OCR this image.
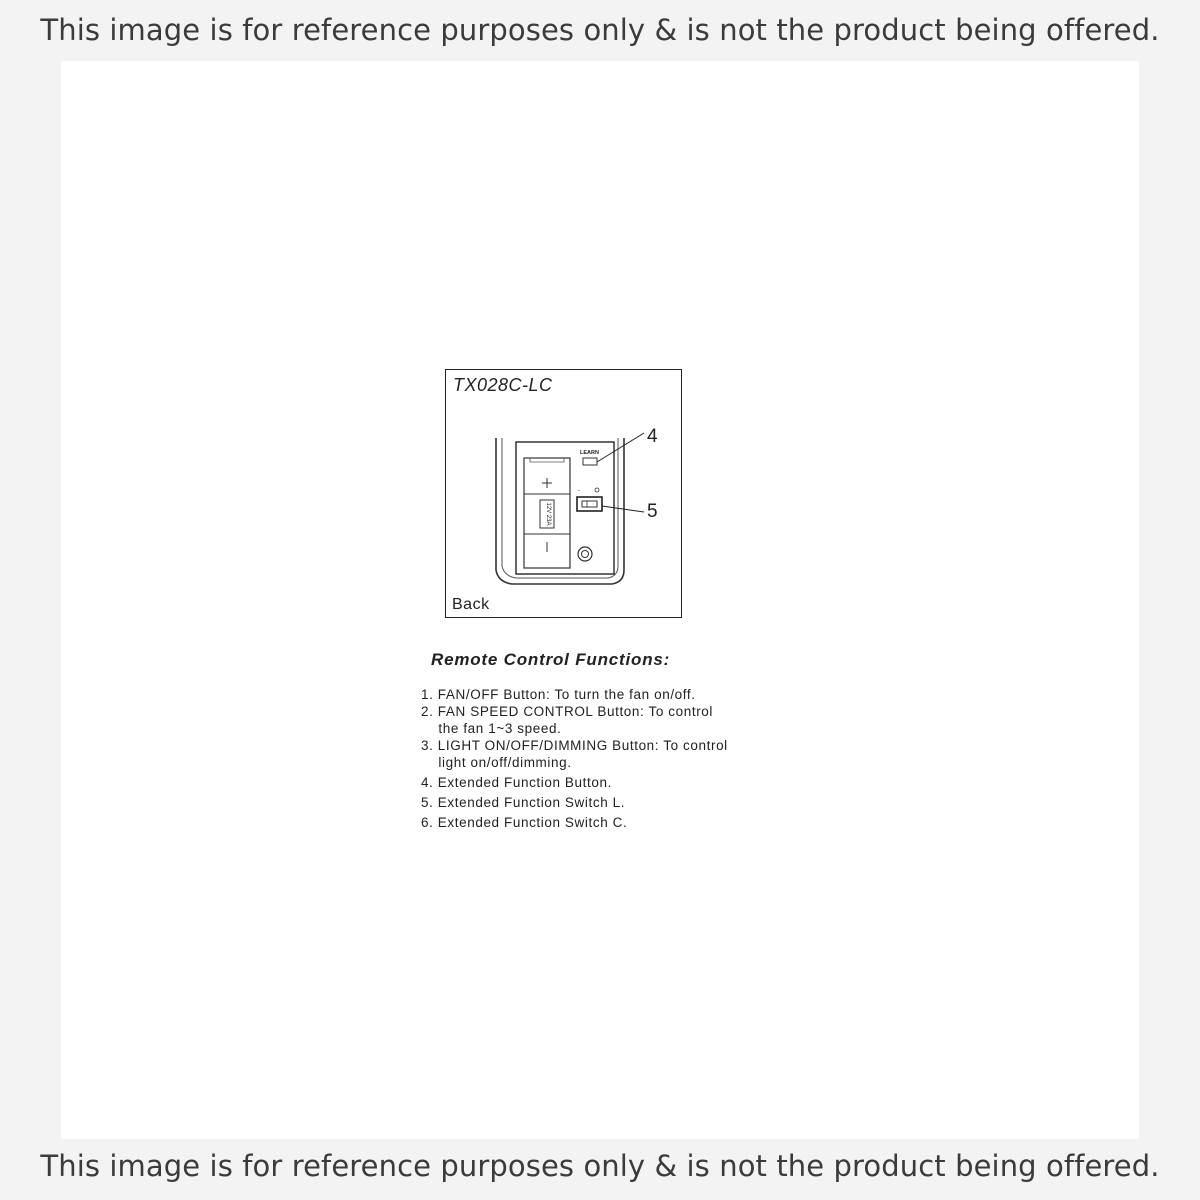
This image is for reference purposes only & is not the product being offered.
12V 23A
LEARN
-
TX028C-LC
4
5
Back
Remote Control Functions:
1. FAN/OFF Button: To turn the fan on/off.
2. FAN SPEED CONTROL Button: To control
the fan 1~3 speed.
3. LIGHT ON/OFF/DIMMING Button: To control
light on/off/dimming.
4. Extended Function Button.
5. Extended Function Switch L.
6. Extended Function Switch C.
This image is for reference purposes only & is not the product being offered.
